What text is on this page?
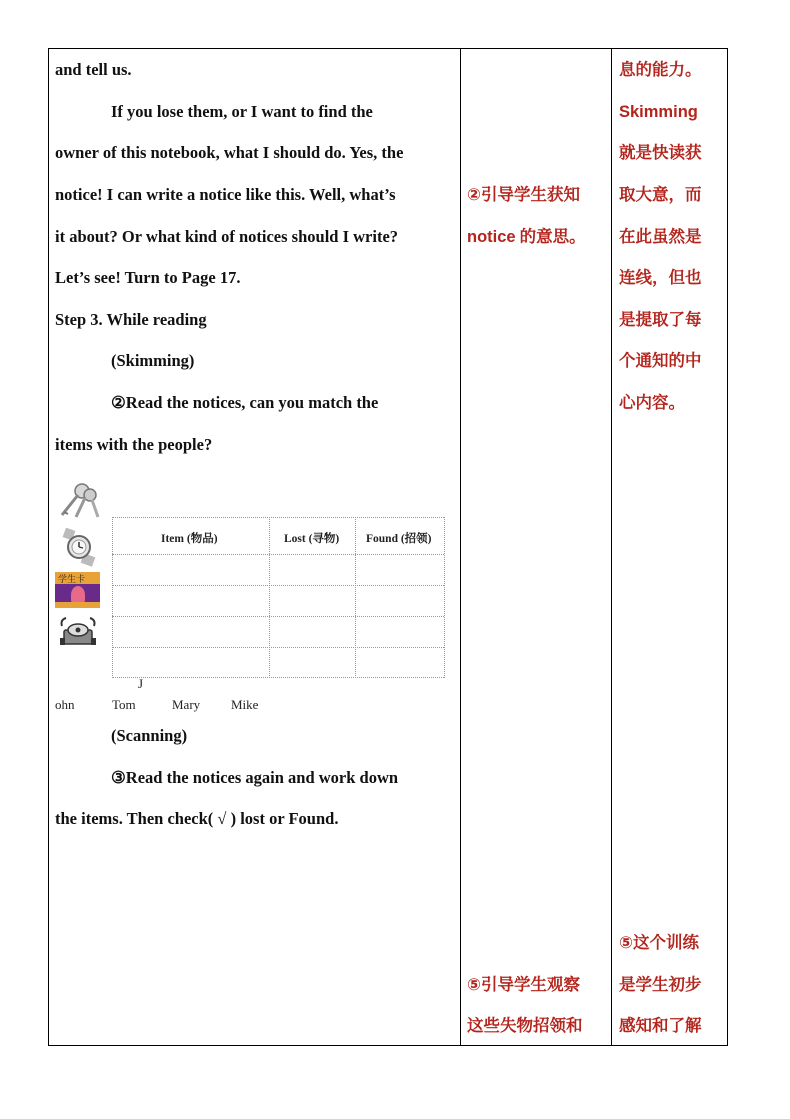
and tell us.
If you lose them, or I want to find the
owner of this notebook, what I should do. Yes, the
notice! I can write a notice like this. Well, what’s
it about? Or what kind of notices should I write?
Let’s see! Turn to Page 17.
Step 3. While reading
(Skimming)
②Read the notices, can you match the
items with the people?
学生卡
Item (物品)	Lost (寻物) Found (招领)
J
ohn	Tom	Mary Mike
(Scanning)
③Read the notices again and work down
the items. Then check( √ ) lost or Found.
②引导学生获知
notice 的意思。
⑤引导学生观察
这些失物招领和
息的能力。
Skimming
就是快读获
取大意，而
在此虽然是
连线，但也
是提取了每
个通知的中
心内容。
⑤这个训练
是学生初步
感知和了解
